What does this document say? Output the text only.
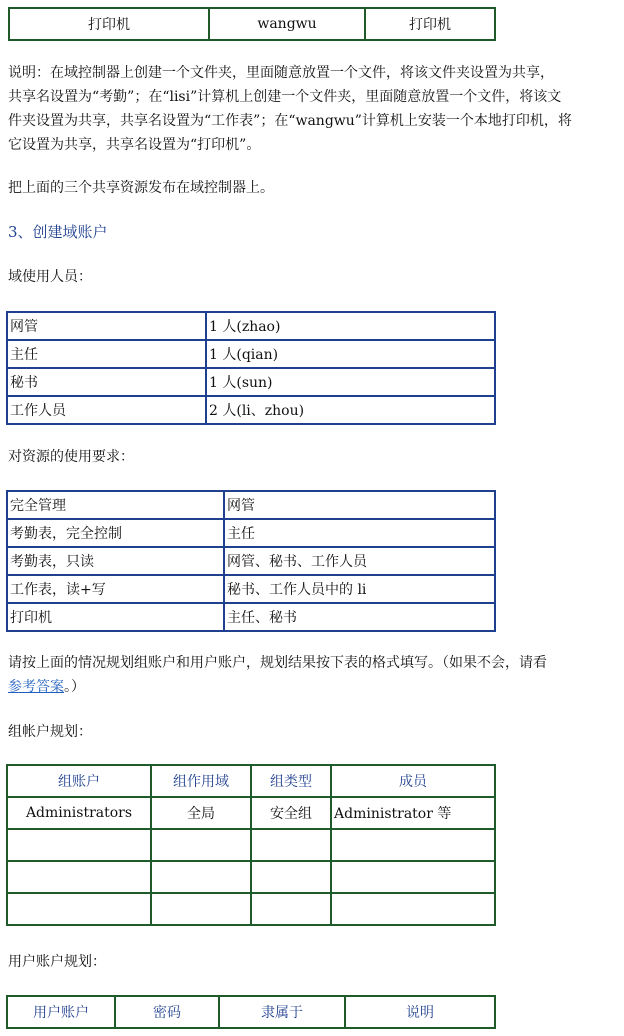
打印机	wangwu	打印机

说明：在域控制器上创建一个文件夹，里面随意放置一个文件，将该文件夹设置为共享，

共享名设置为“考勤”；在“lisi”计算机上创建一个文件夹，里面随意放置一个文件，将该文

件夹设置为共享，共享名设置为“工作表”；在“wangwu”计算机上安装一个本地打印机，将

它设置为共享，共享名设置为“打印机”。

把上面的三个共享资源发布在域控制器上。

3、创建域账户

域使用人员：

网管	1 人(zhao)
主任	1 人(qian)
秘书	1 人(sun)
工作人员	2 人(li、zhou)

对资源的使用要求：

完全管理	网管
考勤表，完全控制	主任
考勤表，只读	网管、秘书、工作人员
工作表，读+写	秘书、工作人员中的 li
打印机	主任、秘书

请按上面的情况规划组账户和用户账户，规划结果按下表的格式填写。（如果不会，请看

参考答案。）

组帐户规划：

组账户	组作用域	组类型	成员
Administrators	全局	安全组	Administrator 等

用户账户规划：

用户账户	密码	隶属于	说明
